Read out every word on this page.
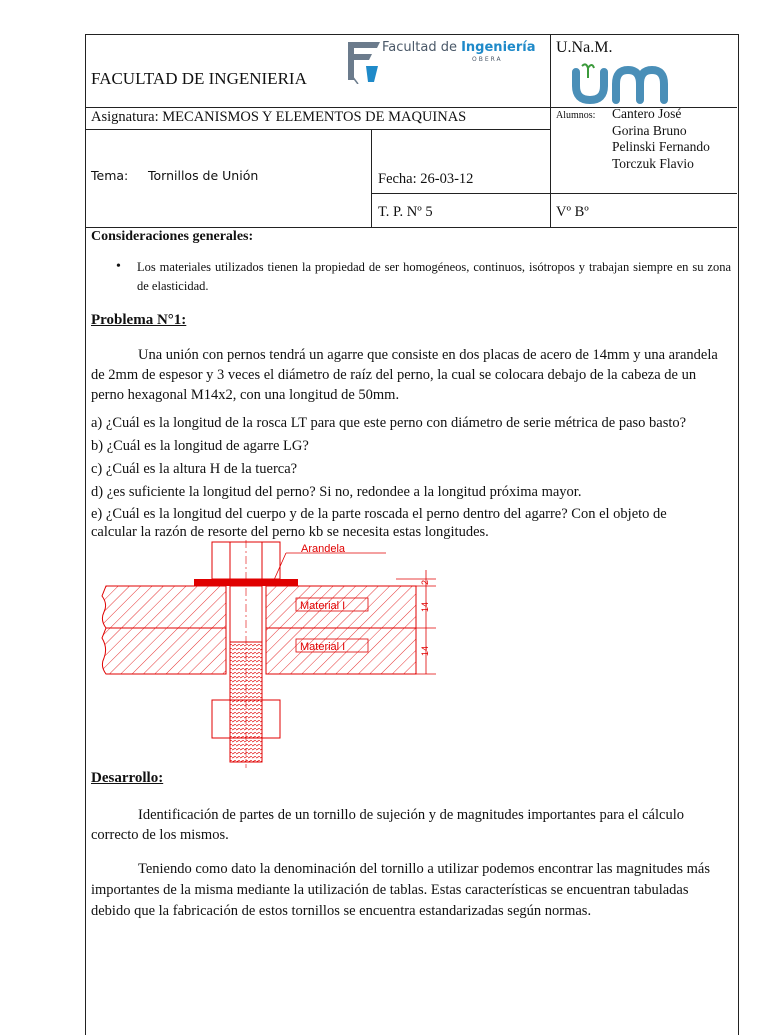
FACULTAD DE INGENIERIA
Facultad de Ingeniería
OBERA
U.Na.M.
Asignatura: MECANISMOS Y ELEMENTOS DE MAQUINAS	Alumnos: Cantero José
Gorina Bruno
Pelinski Fernando
Torczuk Flavio
Tema: Tornillos de Unión	Fecha: 26-03-12
T. P. Nº 5	Vº Bº
Consideraciones generales:
• Los materiales utilizados tienen la propiedad de ser homogéneos, continuos, isótropos y trabajan siempre en su zona de elasticidad.
Problema N°1:
Una unión con pernos tendrá un agarre que consiste en dos placas de acero de 14mm y una arandela de 2mm de espesor y 3 veces el diámetro de raíz del perno, la cual se colocara debajo de la cabeza de un perno hexagonal M14x2, con una longitud de 50mm.
a) ¿Cuál es la longitud de la rosca LT para que este perno con diámetro de serie métrica de paso basto?
b) ¿Cuál es la longitud de agarre LG?
c) ¿Cuál es la altura H de la tuerca?
d) ¿es suficiente la longitud del perno? Si no, redondee a la longitud próxima mayor.
e) ¿Cuál es la longitud del cuerpo y de la parte roscada el perno dentro del agarre? Con el objeto de
calcular la razón de resorte del perno kb se necesita estas longitudes.
Arandela
Material I
Material I
2
14
14
Desarrollo:
Identificación de partes de un tornillo de sujeción y de magnitudes importantes para el cálculo correcto de los mismos.
Teniendo como dato la denominación del tornillo a utilizar podemos encontrar las magnitudes más importantes de la misma mediante la utilización de tablas. Estas características se encuentran tabuladas debido que la fabricación de estos tornillos se encuentra estandarizadas según normas.
